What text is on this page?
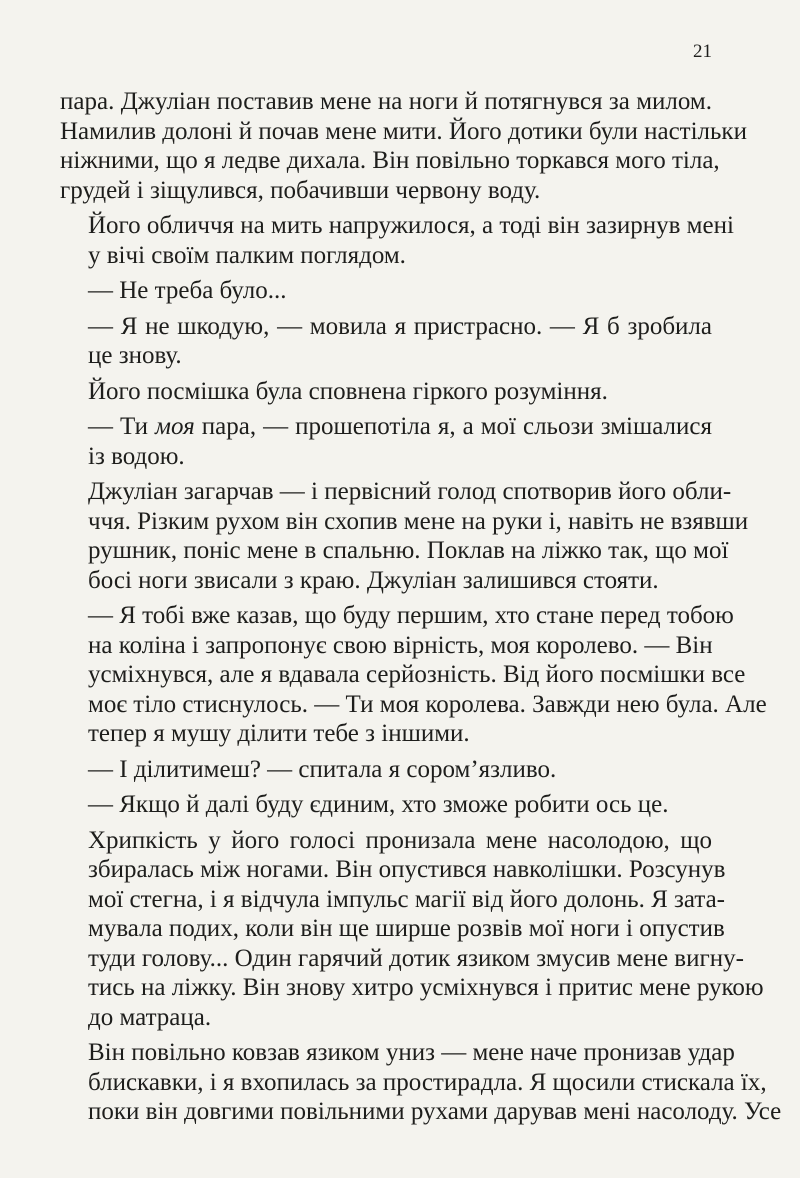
21

пара. Джуліан поставив мене на ноги й потягнувся за милом.
Намилив долоні й почав мене мити. Його дотики були настільки
ніжними, що я ледве дихала. Він повільно торкався мого тіла,
грудей і зіщулився, побачивши червону воду.

Його обличчя на мить напружилося, а тоді він зазирнув мені
у вічі своїм палким поглядом.

— Не треба було...

— Я не шкодую, — мовила я пристрасно. — Я б зробила
це знову.

Його посмішка була сповнена гіркого розуміння.

— Ти моя пара, — прошепотіла я, а мої сльози змішалися
із водою.

Джуліан загарчав — і первісний голод спотворив його обли-
ччя. Різким рухом він схопив мене на руки і, навіть не взявши
рушник, поніс мене в спальню. Поклав на ліжко так, що мої
босі ноги звисали з краю. Джуліан залишився стояти.

— Я тобі вже казав, що буду першим, хто стане перед тобою
на коліна і запропонує свою вірність, моя королево. — Він
усміхнувся, але я вдавала серйозність. Від його посмішки все
моє тіло стиснулось. — Ти моя королева. Завжди нею була. Але
тепер я мушу ділити тебе з іншими.

— І ділитимеш? — спитала я сором’язливо.

— Якщо й далі буду єдиним, хто зможе робити ось це.

Хрипкість у його голосі пронизала мене насолодою, що
збиралась між ногами. Він опустився навколішки. Розсунув
мої стегна, і я відчула імпульс магії від його долонь. Я зата-
мувала подих, коли він ще ширше розвів мої ноги і опустив
туди голову... Один гарячий дотик язиком змусив мене вигну-
тись на ліжку. Він знову хитро усміхнувся і притис мене рукою
до матраца.

Він повільно ковзав язиком униз — мене наче пронизав удар
блискавки, і я вхопилась за простирадла. Я щосили стискала їх,
поки він довгими повільними рухами дарував мені насолоду. Усе
